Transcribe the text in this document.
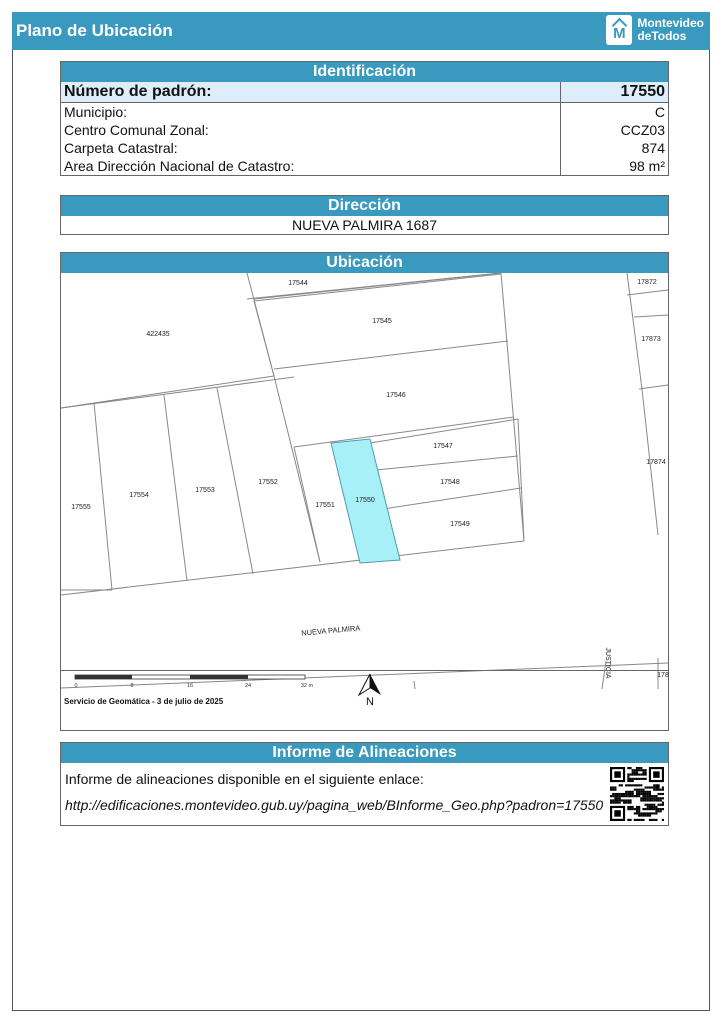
Plano de Ubicación	M
Montevideo
deTodos
Identificación
Número de padrón:	17550
Municipio:	C
Centro Comunal Zonal:	CCZ03
Carpeta Catastral:	874
Area Dirección Nacional de Catastro:	98 m²
Dirección
NUEVA PALMIRA 1687
Ubicación
17544
17545
17546
17547
17548
17549
17550
17551
17552
17553
17554
17555
422435
17872
17873
17874
178
NUEVA PALMIRA
JUSTICIA
0	8	16	24	32 m
N
Servicio de Geomática - 3 de julio de 2025
Informe de Alineaciones
Informe de alineaciones disponible en el siguiente enlace:
http://edificaciones.montevideo.gub.uy/pagina_web/BInforme_Geo.php?padron=17550
